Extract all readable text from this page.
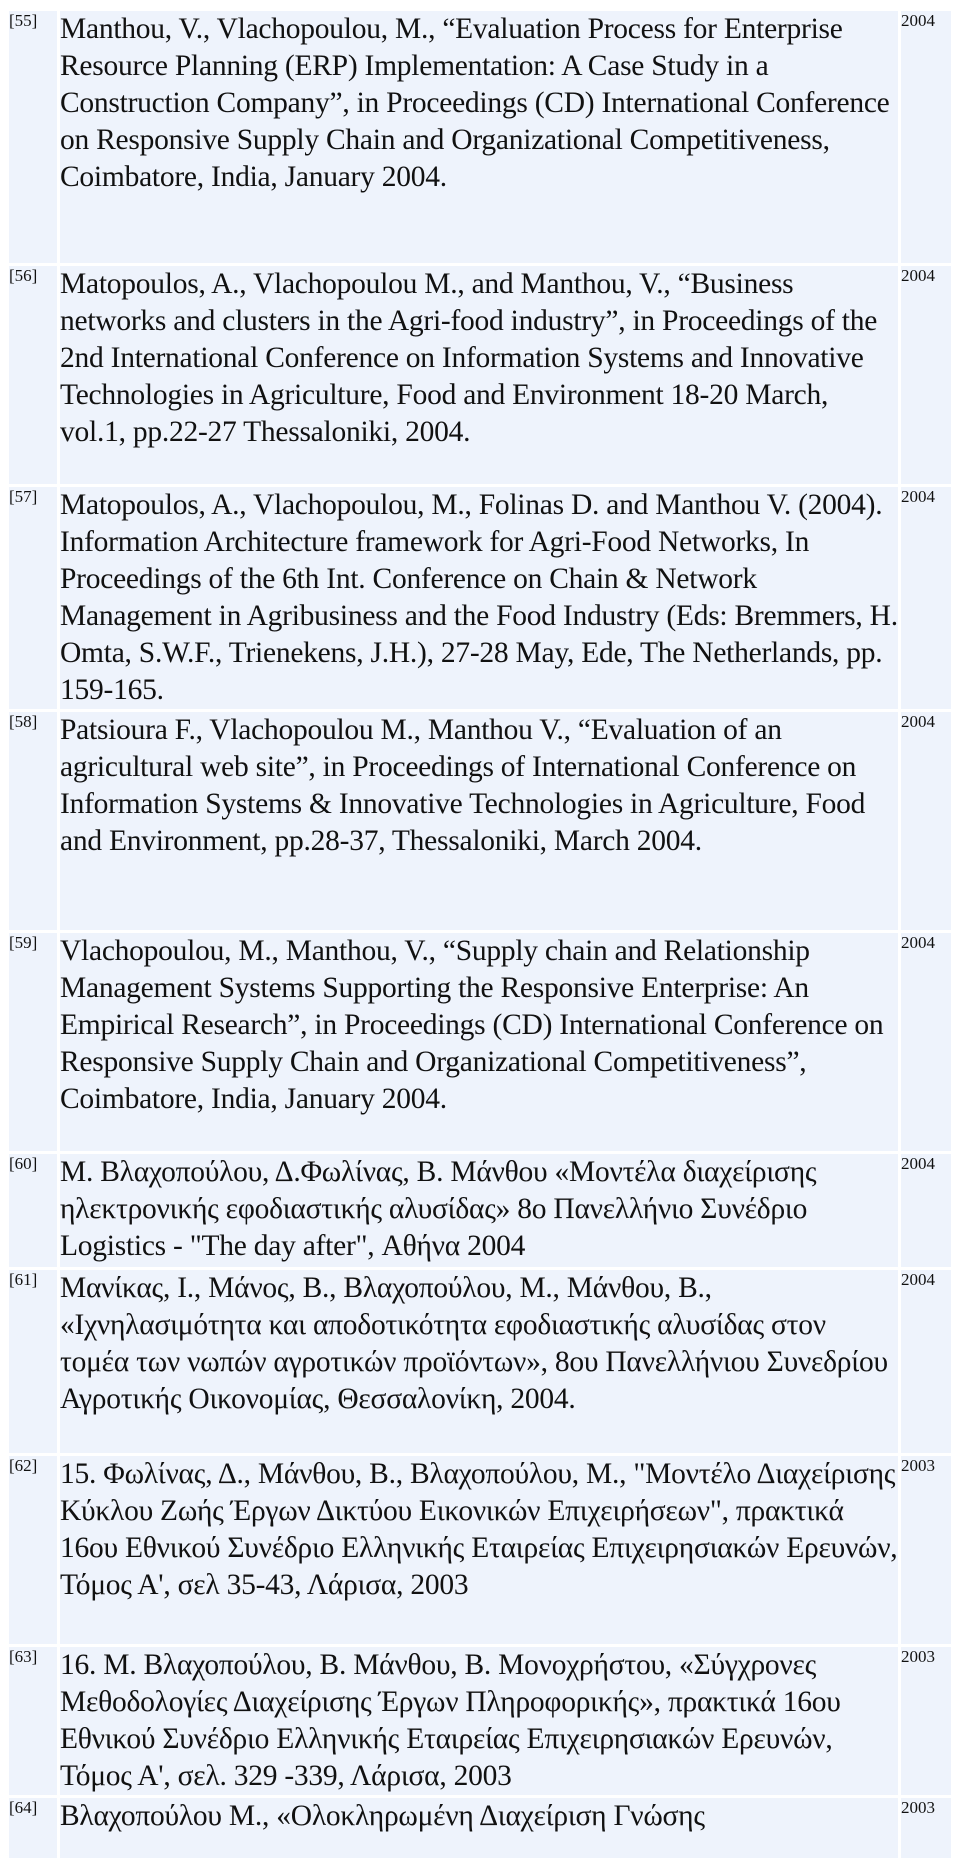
[55]	Manthou, V., Vlachopoulou, M., “Evaluation Process for Enterprise Resource Planning (ERP) Implementation: A Case Study in a Construction Company”, in Proceedings (CD) International Conference on Responsive Supply Chain and Organizational Competitiveness, Coimbatore, India, January 2004.	2004
[56]	Matopoulos, A., Vlachopoulou M., and Manthou, V., “Business networks and clusters in the Agri-food industry”, in Proceedings of the 2nd International Conference on Information Systems and Innovative Technologies in Agriculture, Food and Environment 18-20 March, vol.1, pp.22-27 Thessaloniki, 2004.	2004
[57]	Matopoulos, A., Vlachopoulou, M., Folinas D. and Manthou V. (2004). Information Architecture framework for Agri-Food Networks, In Proceedings of the 6th Int. Conference on Chain & Network Management in Agribusiness and the Food Industry (Eds: Bremmers, H. Omta, S.W.F., Trienekens, J.H.), 27-28 May, Ede, The Netherlands, pp. 159-165.	2004
[58]	Patsioura F., Vlachopoulou M., Manthou V., “Evaluation of an agricultural web site”, in Proceedings of International Conference on Information Systems & Innovative Technologies in Agriculture, Food and Environment, pp.28-37, Thessaloniki, March 2004.	2004
[59]	Vlachopoulou, M., Manthou, V., “Supply chain and Relationship Management Systems Supporting the Responsive Enterprise: An Empirical Research”, in Proceedings (CD) International Conference on Responsive Supply Chain and Organizational Competitiveness”, Coimbatore, India, January 2004.	2004
[60]	Μ. Βλαχοπούλου, Δ.Φωλίνας, Β. Μάνθου «Μοντέλα διαχείρισης ηλεκτρονικής εφοδιαστικής αλυσίδας» 8ο Πανελλήνιο Συνέδριο Logistics - "The day after", Αθήνα 2004	2004
[61]	Μανίκας, Ι., Μάνος, Β., Βλαχοπούλου, Μ., Μάνθου, Β., «Ιχνηλασιμότητα και αποδοτικότητα εφοδιαστικής αλυσίδας στον τομέα των νωπών αγροτικών προϊόντων», 8ου Πανελλήνιου Συνεδρίου Αγροτικής Οικονομίας, Θεσσαλονίκη, 2004.	2004
[62]	15. Φωλίνας, Δ., Μάνθου, Β., Βλαχοπούλου, Μ., "Μοντέλο Διαχείρισης Κύκλου Ζωής Έργων Δικτύου Εικονικών Επιχειρήσεων", πρακτικά 16ου Εθνικού Συνέδριο Ελληνικής Εταιρείας Επιχειρησιακών Ερευνών, Τόμος Α', σελ 35-43, Λάρισα, 2003	2003
[63]	16. Μ. Βλαχοπούλου, Β. Μάνθου, Β. Μονοχρήστου, «Σύγχρονες Μεθοδολογίες Διαχείρισης Έργων Πληροφορικής», πρακτικά 16ου Εθνικού Συνέδριο Ελληνικής Εταιρείας Επιχειρησιακών Ερευνών, Τόμος Α', σελ. 329 -339, Λάρισα, 2003	2003
[64]	Βλαχοπούλου Μ., «Ολοκληρωμένη Διαχείριση Γνώσης	2003
